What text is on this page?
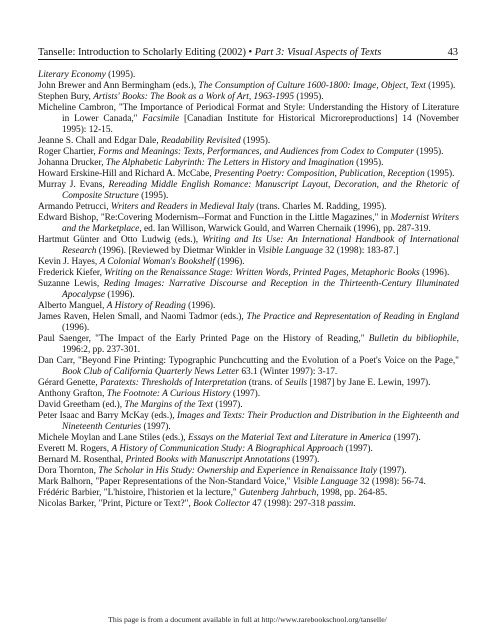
Tanselle: Introduction to Scholarly Editing (2002) • Part 3: Visual Aspects of Texts	43

Literary Economy (1995).

John Brewer and Ann Bermingham (eds.), The Consumption of Culture 1600-1800: Image, Object, Text (1995).

Stephen Bury, Artists' Books: The Book as a Work of Art, 1963-1995 (1995).

Micheline Cambron, "The Importance of Periodical Format and Style: Understanding the History of Literature in Lower Canada," Facsimile [Canadian Institute for Historical Microreproductions] 14 (November 1995): 12-15.

Jeanne S. Chall and Edgar Dale, Readability Revisited (1995).

Roger Chartier, Forms and Meanings: Texts, Performances, and Audiences from Codex to Computer (1995).

Johanna Drucker, The Alphabetic Labyrinth: The Letters in History and Imagination (1995).

Howard Erskine-Hill and Richard A. McCabe, Presenting Poetry: Composition, Publication, Reception (1995).

Murray J. Evans, Rereading Middle English Romance: Manuscript Layout, Decoration, and the Rhetoric of Composite Structure (1995).

Armando Petrucci, Writers and Readers in Medieval Italy (trans. Charles M. Radding, 1995).

Edward Bishop, "Re:Covering Modernism--Format and Function in the Little Magazines," in Modernist Writers and the Marketplace, ed. Ian Willison, Warwick Gould, and Warren Chernaik (1996), pp. 287-319.

Hartmut Günter and Otto Ludwig (eds.), Writing and Its Use: An International Handbook of International Research (1996). [Reviewed by Dietmar Winkler in Visible Language 32 (1998): 183-87.]

Kevin J. Hayes, A Colonial Woman's Bookshelf (1996).

Frederick Kiefer, Writing on the Renaissance Stage: Written Words, Printed Pages, Metaphoric Books (1996).

Suzanne Lewis, Reding Images: Narrative Discourse and Reception in the Thirteenth-Century Illuminated Apocalypse (1996).

Alberto Manguel, A History of Reading (1996).

James Raven, Helen Small, and Naomi Tadmor (eds.), The Practice and Representation of Reading in England (1996).

Paul Saenger, "The Impact of the Early Printed Page on the History of Reading," Bulletin du bibliophile, 1996:2, pp. 237-301.

Dan Carr, "Beyond Fine Printing: Typographic Punchcutting and the Evolution of a Poet's Voice on the Page," Book Club of California Quarterly News Letter 63.1 (Winter 1997): 3-17.

Gérard Genette, Paratexts: Thresholds of Interpretation (trans. of Seuils [1987] by Jane E. Lewin, 1997).

Anthony Grafton, The Footnote: A Curious History (1997).

David Greetham (ed.), The Margins of the Text (1997).

Peter Isaac and Barry McKay (eds.), Images and Texts: Their Production and Distribution in the Eighteenth and Nineteenth Centuries (1997).

Michele Moylan and Lane Stiles (eds.), Essays on the Material Text and Literature in America (1997).

Everett M. Rogers, A History of Communication Study: A Biographical Approach (1997).

Bernard M. Rosenthal, Printed Books with Manuscript Annotations (1997).

Dora Thornton, The Scholar in His Study: Ownership and Experience in Renaissance Italy (1997).

Mark Balhorn, "Paper Representations of the Non-Standard Voice," Visible Language 32 (1998): 56-74.

Frédéric Barbier, "L'histoire, l'historien et la lecture," Gutenberg Jahrbuch, 1998, pp. 264-85.

Nicolas Barker, "Print, Picture or Text?", Book Collector 47 (1998): 297-318 passim.

This page is from a document available in full at http://www.rarebookschool.org/tanselle/
